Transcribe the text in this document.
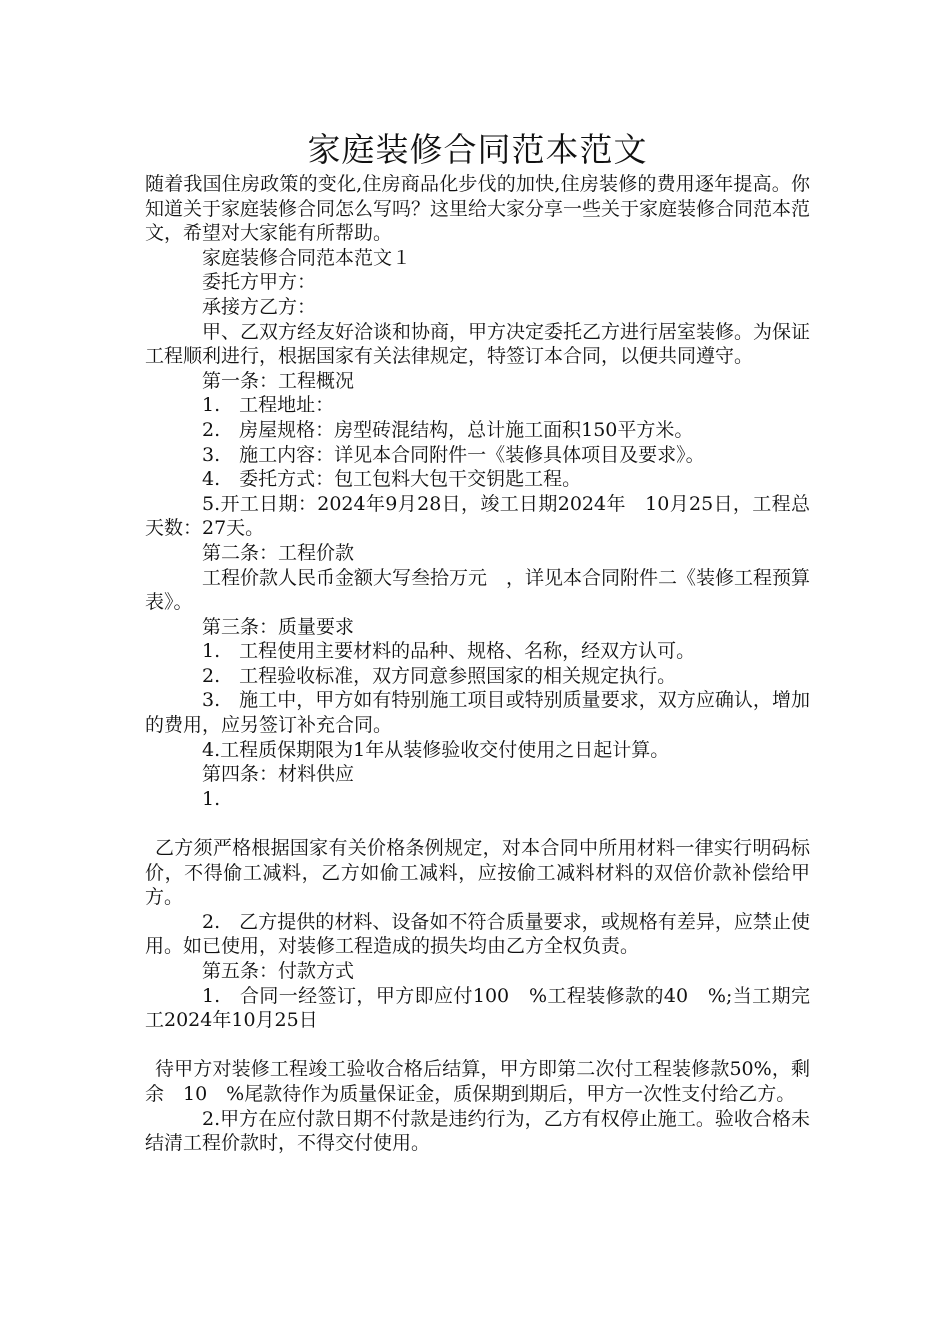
家庭装修合同范本范文

随着我国住房政策的变化,住房商品化步伐的加快,住房装修的费用逐年提高。你知道关于家庭装修合同怎么写吗？这里给大家分享一些关于家庭装修合同范本范文，希望对大家能有所帮助。

家庭装修合同范本范文１

委托方甲方：

承接方乙方：

甲、乙双方经友好洽谈和协商，甲方决定委托乙方进行居室装修。为保证工程顺利进行，根据国家有关法律规定，特签订本合同，以便共同遵守。

第一条：工程概况

1.　工程地址：

2.　房屋规格：房型砖混结构，总计施工面积150平方米。

3.　施工内容：详见本合同附件一《装修具体项目及要求》。

4.　委托方式：包工包料大包干交钥匙工程。

5.开工日期：2024年9月28日，竣工日期2024年　10月25日，工程总天数：27天。

第二条：工程价款

工程价款人民币金额大写叁拾万元　，详见本合同附件二《装修工程预算表》。

第三条：质量要求

1.　工程使用主要材料的品种、规格、名称，经双方认可。

2.　工程验收标准，双方同意参照国家的相关规定执行。

3.　施工中，甲方如有特别施工项目或特别质量要求，双方应确认，增加的费用，应另签订补充合同。

4.工程质保期限为1年从装修验收交付使用之日起计算。

第四条：材料供应

1.

乙方须严格根据国家有关价格条例规定，对本合同中所用材料一律实行明码标价，不得偷工减料，乙方如偷工减料，应按偷工减料材料的双倍价款补偿给甲方。

2.　乙方提供的材料、设备如不符合质量要求，或规格有差异，应禁止使用。如已使用，对装修工程造成的损失均由乙方全权负责。

第五条：付款方式

1.　合同一经签订，甲方即应付100　%工程装修款的40　%;当工期完工2024年10月25日

待甲方对装修工程竣工验收合格后结算，甲方即第二次付工程装修款50%，剩余　10　%尾款待作为质量保证金，质保期到期后，甲方一次性支付给乙方。

2.甲方在应付款日期不付款是违约行为，乙方有权停止施工。验收合格未结清工程价款时，不得交付使用。
